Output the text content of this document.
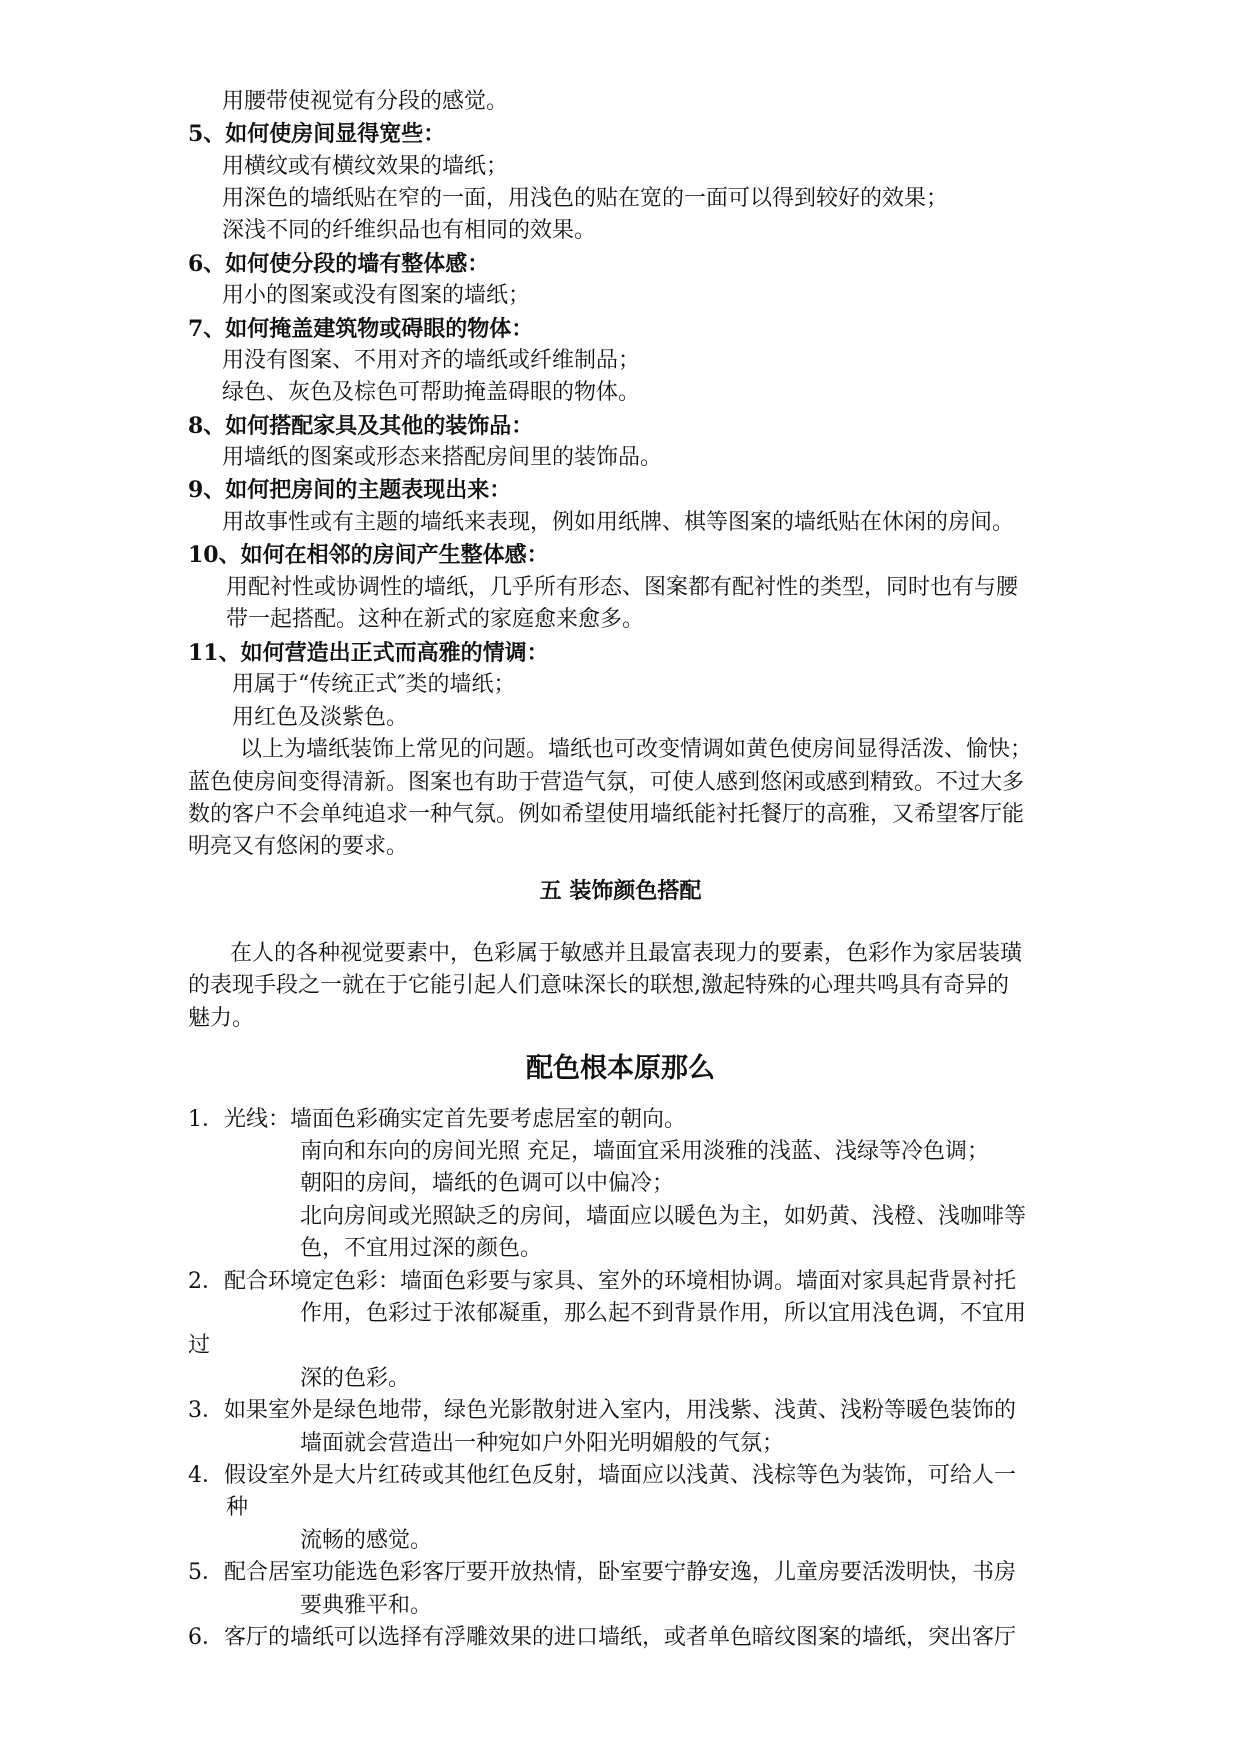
用腰带使视觉有分段的感觉。
5、如何使房间显得宽些：
用横纹或有横纹效果的墙纸；
用深色的墙纸贴在窄的一面，用浅色的贴在宽的一面可以得到较好的效果；
深浅不同的纤维织品也有相同的效果。
6、如何使分段的墙有整体感：
用小的图案或没有图案的墙纸；
7、如何掩盖建筑物或碍眼的物体：
用没有图案、不用对齐的墙纸或纤维制品；
绿色、灰色及棕色可帮助掩盖碍眼的物体。
8、如何搭配家具及其他的装饰品：
用墙纸的图案或形态来搭配房间里的装饰品。
9、如何把房间的主题表现出来：
用故事性或有主题的墙纸来表现，例如用纸牌、棋等图案的墙纸贴在休闲的房间。
10、如何在相邻的房间产生整体感：
用配衬性或协调性的墙纸，几乎所有形态、图案都有配衬性的类型，同时也有与腰
带一起搭配。这种在新式的家庭愈来愈多。
11、如何营造出正式而高雅的情调：
用属于“传统正式″类的墙纸；
用红色及淡紫色。
以上为墙纸装饰上常见的问题。墙纸也可改变情调如黄色使房间显得活泼、愉快；
蓝色使房间变得清新。图案也有助于营造气氛，可使人感到悠闲或感到精致。不过大多
数的客户不会单纯追求一种气氛。例如希望使用墙纸能衬托餐厅的高雅，又希望客厅能
明亮又有悠闲的要求。
五 装饰颜色搭配
在人的各种视觉要素中，色彩属于敏感并且最富表现力的要素，色彩作为家居装璜
的表现手段之一就在于它能引起人们意味深长的联想,激起特殊的心理共鸣具有奇异的
魅力。
配色根本原那么
1．光线：墙面色彩确实定首先要考虑居室的朝向。
南向和东向的房间光照 充足，墙面宜采用淡雅的浅蓝、浅绿等冷色调；
朝阳的房间，墙纸的色调可以中偏冷；
北向房间或光照缺乏的房间，墙面应以暖色为主，如奶黄、浅橙、浅咖啡等
色，不宜用过深的颜色。
2．配合环境定色彩：墙面色彩要与家具、室外的环境相协调。墙面对家具起背景衬托
作用，色彩过于浓郁凝重，那么起不到背景作用，所以宜用浅色调，不宜用
过
深的色彩。
3．如果室外是绿色地带，绿色光影散射进入室内，用浅紫、浅黄、浅粉等暖色装饰的
墙面就会营造出一种宛如户外阳光明媚般的气氛；
4．假设室外是大片红砖或其他红色反射，墙面应以浅黄、浅棕等色为装饰，可给人一
种
流畅的感觉。
5．配合居室功能选色彩客厅要开放热情，卧室要宁静安逸，儿童房要活泼明快，书房
要典雅平和。
6．客厅的墙纸可以选择有浮雕效果的进口墙纸，或者单色暗纹图案的墙纸，突出客厅
